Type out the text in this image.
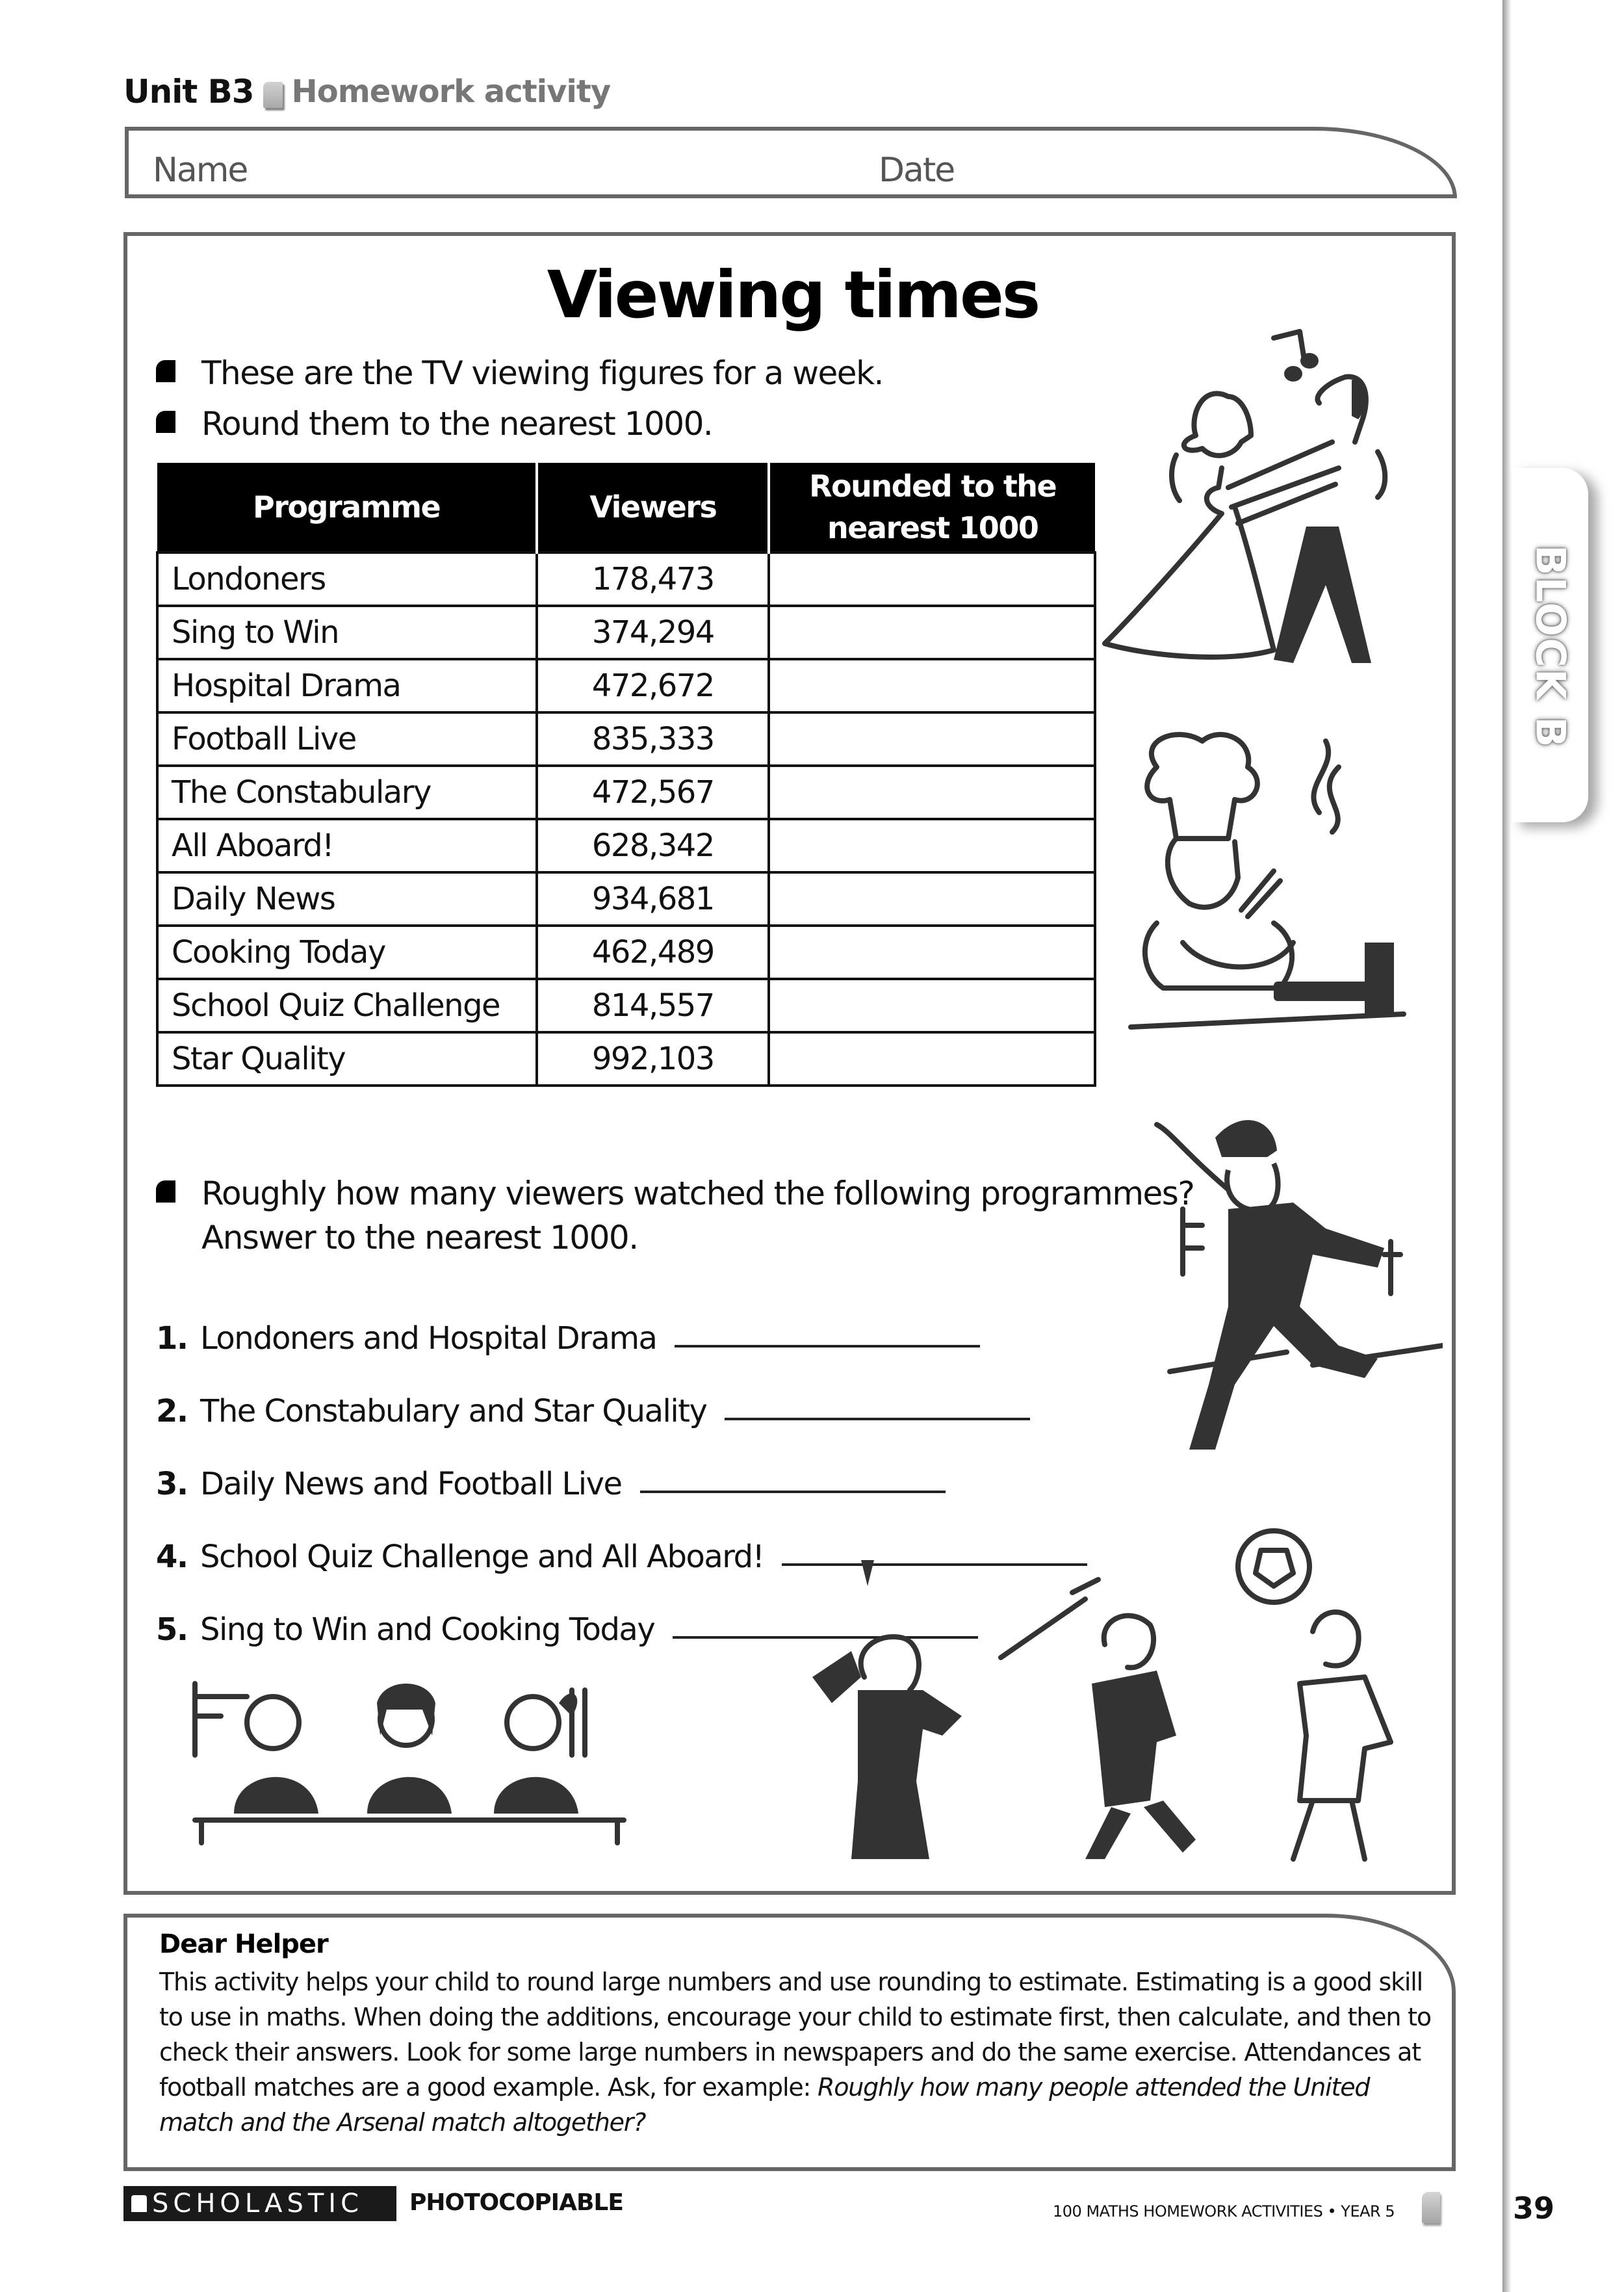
BLOCK B
Unit B3 Homework activity
Name	Date
Viewing times
These are the TV viewing figures for a week.
Round them to the nearest 1000.
Programme	Viewers	Rounded to the nearest 1000
Londoners	178,473	
Sing to Win	374,294	
Hospital Drama	472,672	
Football Live	835,333	
The Constabulary	472,567	
All Aboard!	628,342	
Daily News	934,681	
Cooking Today	462,489	
School Quiz Challenge	814,557	
Star Quality	992,103	
Roughly how many viewers watched the following programmes?
Answer to the nearest 1000.
1. Londoners and Hospital Drama
2. The Constabulary and Star Quality
3. Daily News and Football Live
4. School Quiz Challenge and All Aboard!
5. Sing to Win and Cooking Today
Dear Helper
This activity helps your child to round large numbers and use rounding to estimate. Estimating is a good skill to use in maths. When doing the additions, encourage your child to estimate first, then calculate, and then to check their answers. Look for some large numbers in newspapers and do the same exercise. Attendances at football matches are a good example. Ask, for example: Roughly how many people attended the United match and the Arsenal match altogether?
SCHOLASTIC PHOTOCOPIABLE	100 MATHS HOMEWORK ACTIVITIES • YEAR 5	39
